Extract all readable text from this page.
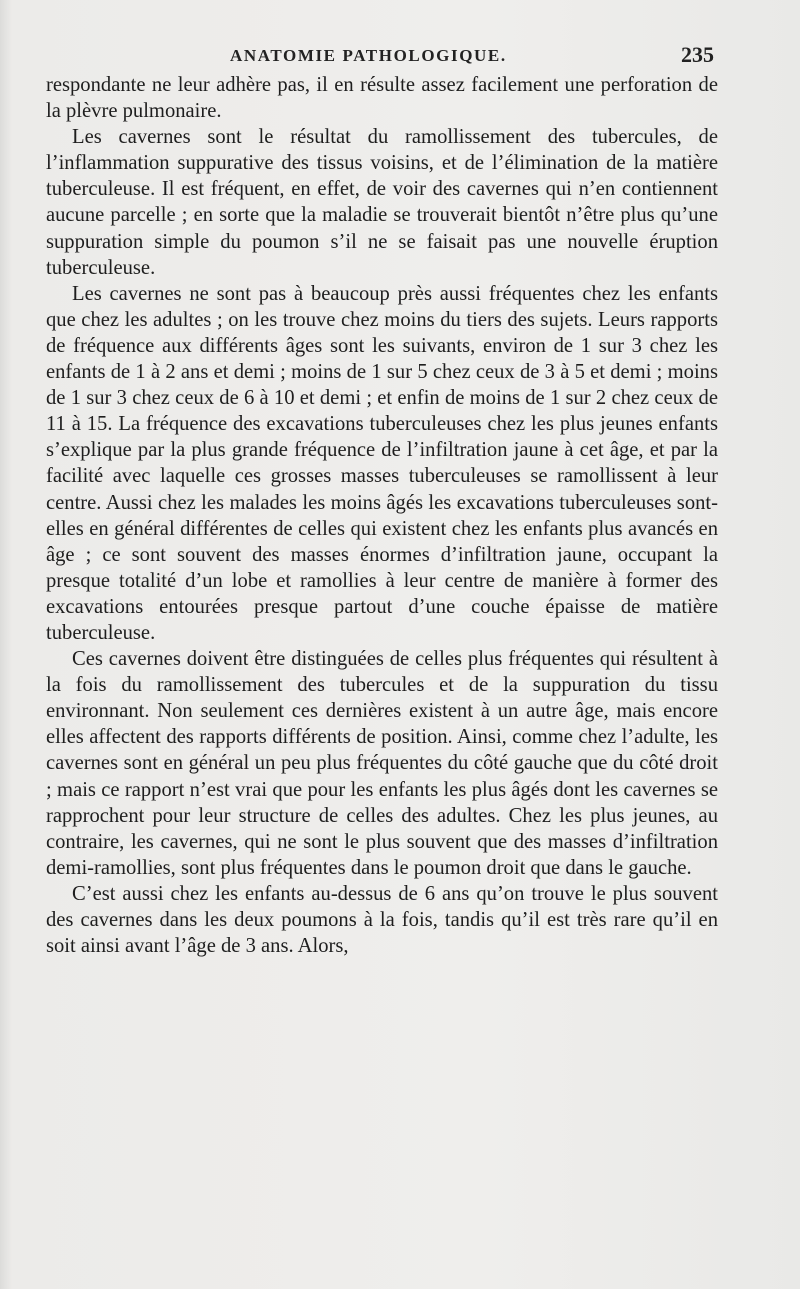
ANATOMIE PATHOLOGIQUE.	235

respondante ne leur adhère pas, il en résulte assez facilement une perforation de la plèvre pulmonaire.

Les cavernes sont le résultat du ramollissement des tubercules, de l’inflammation suppurative des tissus voisins, et de l’élimination de la matière tuberculeuse. Il est fréquent, en effet, de voir des cavernes qui n’en contiennent aucune parcelle ; en sorte que la maladie se trouverait bientôt n’être plus qu’une suppuration simple du poumon s’il ne se faisait pas une nouvelle éruption tuberculeuse.

Les cavernes ne sont pas à beaucoup près aussi fréquentes chez les enfants que chez les adultes ; on les trouve chez moins du tiers des sujets. Leurs rapports de fréquence aux différents âges sont les suivants, environ de 1 sur 3 chez les enfants de 1 à 2 ans et demi ; moins de 1 sur 5 chez ceux de 3 à 5 et demi ; moins de 1 sur 3 chez ceux de 6 à 10 et demi ; et enfin de moins de 1 sur 2 chez ceux de 11 à 15. La fréquence des excavations tuberculeuses chez les plus jeunes enfants s’explique par la plus grande fréquence de l’infiltration jaune à cet âge, et par la facilité avec laquelle ces grosses masses tuberculeuses se ramollissent à leur centre. Aussi chez les malades les moins âgés les excavations tuberculeuses sont-elles en général différentes de celles qui existent chez les enfants plus avancés en âge ; ce sont souvent des masses énormes d’infiltration jaune, occupant la presque totalité d’un lobe et ramollies à leur centre de manière à former des excavations entourées presque partout d’une couche épaisse de matière tuberculeuse.

Ces cavernes doivent être distinguées de celles plus fréquentes qui résultent à la fois du ramollissement des tubercules et de la suppuration du tissu environnant. Non seulement ces dernières existent à un autre âge, mais encore elles affectent des rapports différents de position. Ainsi, comme chez l’adulte, les cavernes sont en général un peu plus fréquentes du côté gauche que du côté droit ; mais ce rapport n’est vrai que pour les enfants les plus âgés dont les cavernes se rapprochent pour leur structure de celles des adultes. Chez les plus jeunes, au contraire, les cavernes, qui ne sont le plus souvent que des masses d’infiltration demi-ramollies, sont plus fréquentes dans le poumon droit que dans le gauche.

C’est aussi chez les enfants au-dessus de 6 ans qu’on trouve le plus souvent des cavernes dans les deux poumons à la fois, tandis qu’il est très rare qu’il en soit ainsi avant l’âge de 3 ans. Alors,
